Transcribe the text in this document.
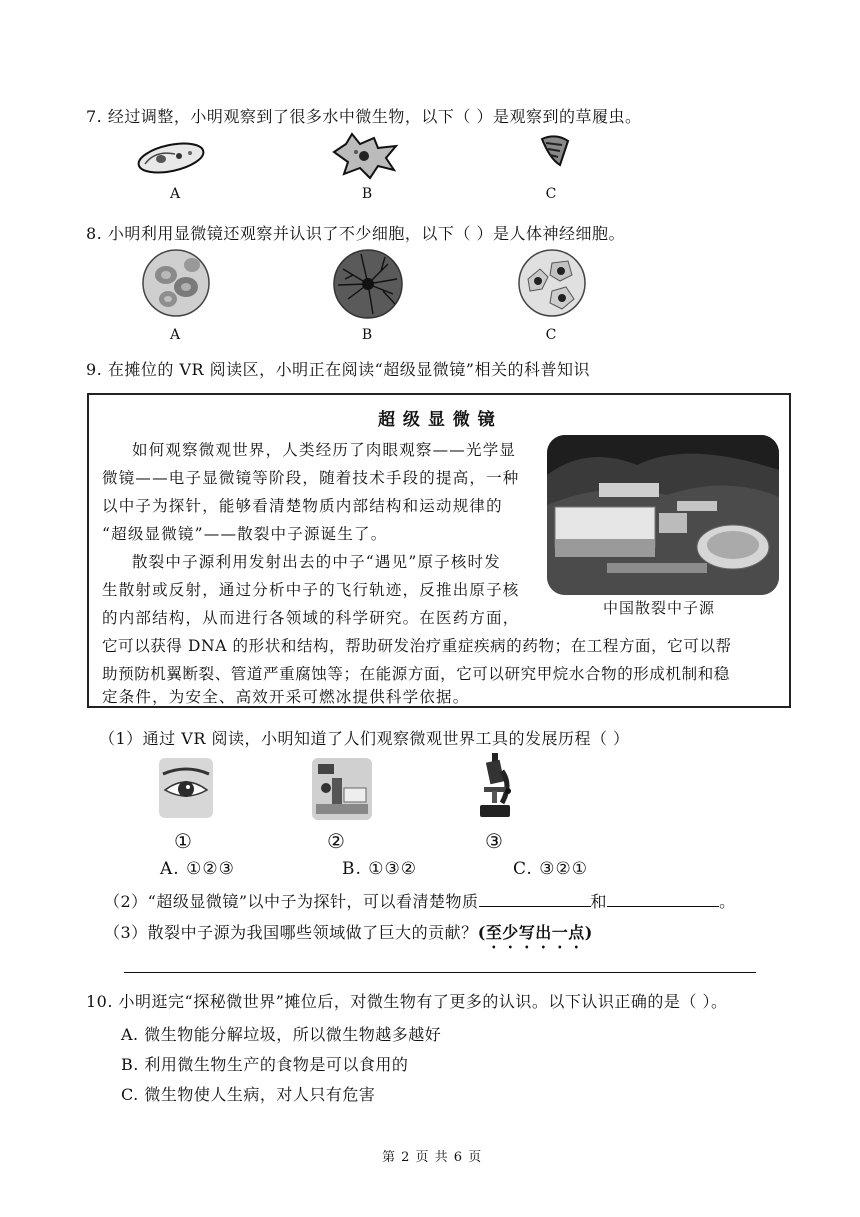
7. 经过调整，小明观察到了很多水中微生物，以下（ ）是观察到的草履虫。
A	B	C
8. 小明利用显微镜还观察并认识了不少细胞，以下（ ）是人体神经细胞。
A	B	C
9. 在摊位的 VR 阅读区，小明正在阅读“超级显微镜”相关的科普知识
超 级 显 微 镜
如何观察微观世界，人类经历了肉眼观察——光学显
微镜——电子显微镜等阶段，随着技术手段的提高，一种
以中子为探针，能够看清楚物质内部结构和运动规律的
“超级显微镜”——散裂中子源诞生了。
散裂中子源利用发射出去的中子“遇见”原子核时发
生散射或反射，通过分析中子的飞行轨迹，反推出原子核
的内部结构，从而进行各领域的科学研究。在医药方面，
它可以获得 DNA 的形状和结构，帮助研发治疗重症疾病的药物；在工程方面，它可以帮
助预防机翼断裂、管道严重腐蚀等；在能源方面，它可以研究甲烷水合物的形成机制和稳
定条件，为安全、高效开采可燃冰提供科学依据。
中国散裂中子源
（1）通过 VR 阅读，小明知道了人们观察微观世界工具的发展历程（ ）
①	②	③
A. ①②③	B. ①③②	C. ③②①
（2）“超级显微镜”以中子为探针，可以看清楚物质	和	。
（3）散裂中子源为我国哪些领域做了巨大的贡献？(至少写出一点)
10. 小明逛完“探秘微世界”摊位后，对微生物有了更多的认识。以下认识正确的是（ ）。
A. 微生物能分解垃圾，所以微生物越多越好
B. 利用微生物生产的食物是可以食用的
C. 微生物使人生病，对人只有危害
第 2 页 共 6 页
